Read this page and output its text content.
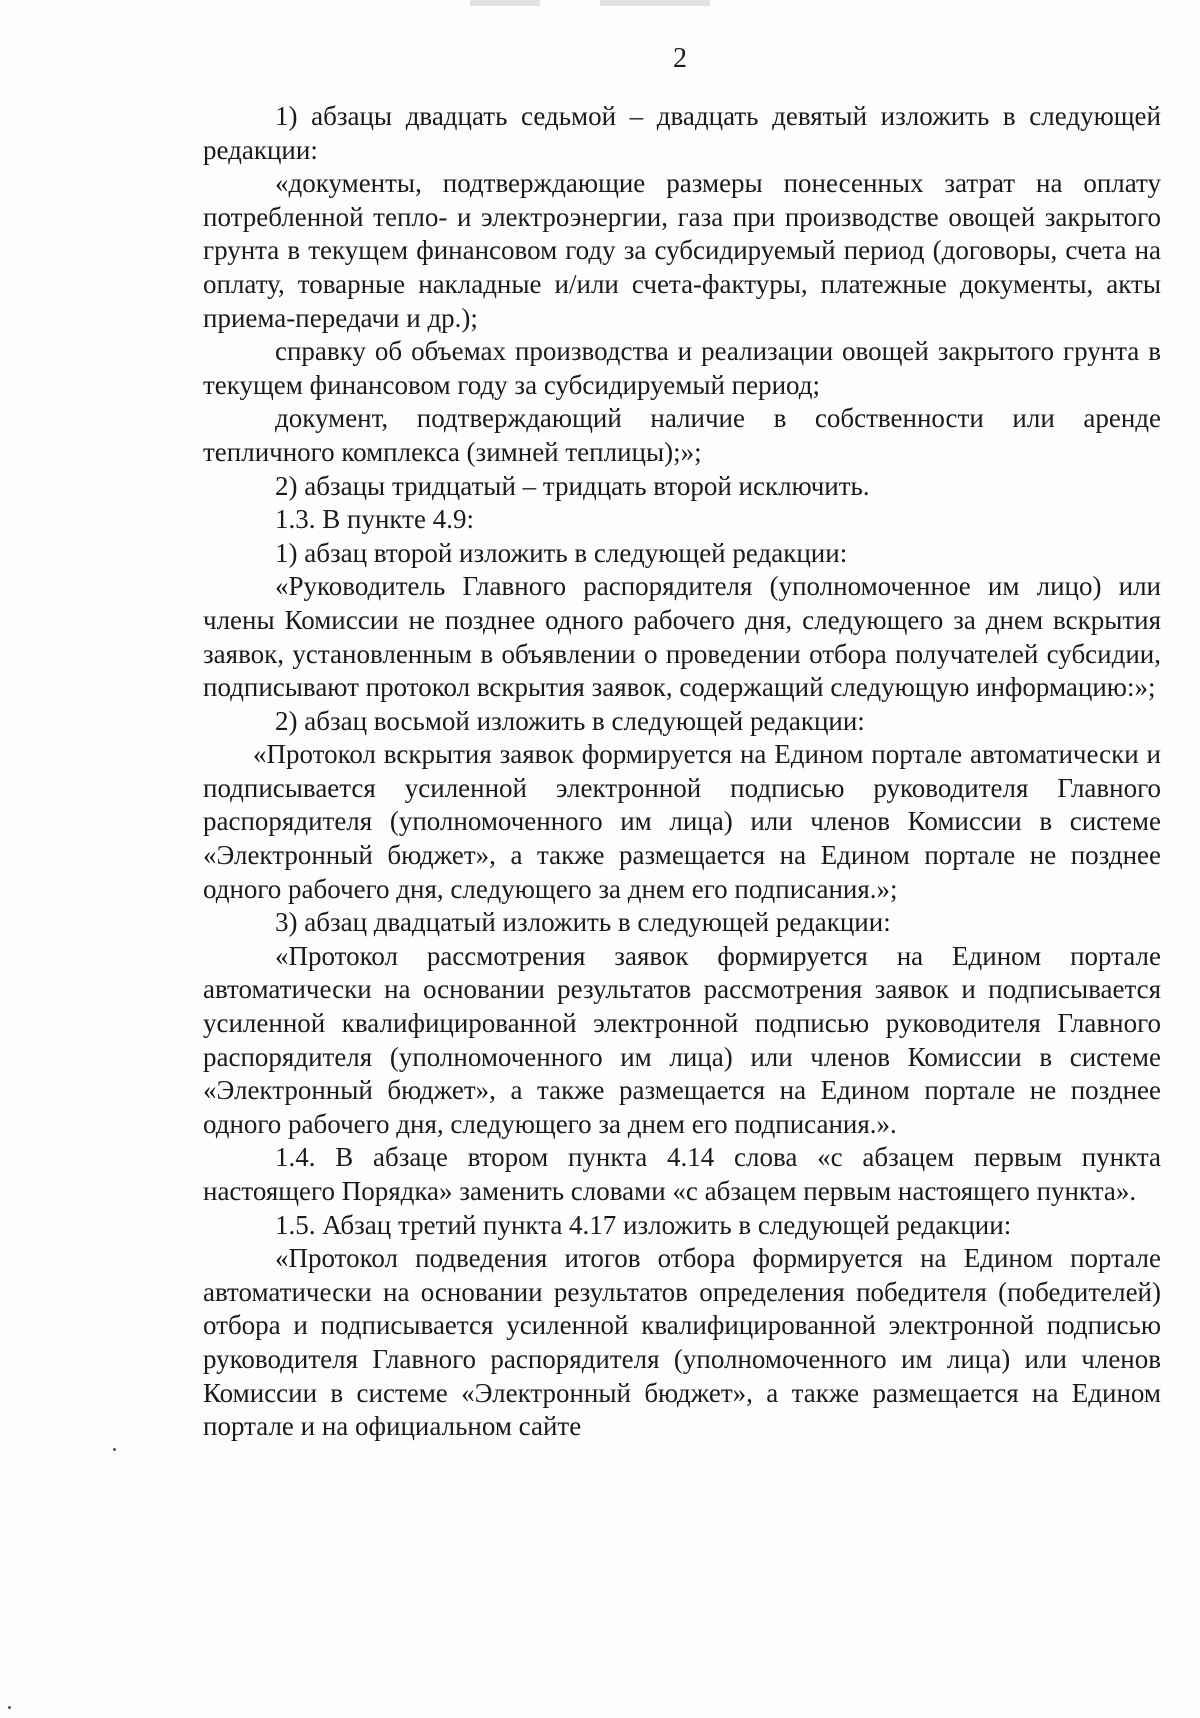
2

1) абзацы двадцать седьмой – двадцать девятый изложить в следующей редакции:

«документы, подтверждающие размеры понесенных затрат на оплату потребленной тепло- и электроэнергии, газа при производстве овощей закрытого грунта в текущем финансовом году за субсидируемый период (договоры, счета на оплату, товарные накладные и/или счета-фактуры, платежные документы, акты приема-передачи и др.);

справку об объемах производства и реализации овощей закрытого грунта в текущем финансовом году за субсидируемый период;

документ, подтверждающий наличие в собственности или аренде тепличного комплекса (зимней теплицы);»;

2) абзацы тридцатый – тридцать второй исключить.

1.3. В пункте 4.9:

1) абзац второй изложить в следующей редакции:

«Руководитель Главного распорядителя (уполномоченное им лицо) или члены Комиссии не позднее одного рабочего дня, следующего за днем вскрытия заявок, установленным в объявлении о проведении отбора получателей субсидии, подписывают протокол вскрытия заявок, содержащий следующую информацию:»;

2) абзац восьмой изложить в следующей редакции:

«Протокол вскрытия заявок формируется на Едином портале автоматически и подписывается усиленной электронной подписью руководителя Главного распорядителя (уполномоченного им лица) или членов Комиссии в системе «Электронный бюджет», а также размещается на Едином портале не позднее одного рабочего дня, следующего за днем его подписания.»;

3) абзац двадцатый изложить в следующей редакции:

«Протокол рассмотрения заявок формируется на Едином портале автоматически на основании результатов рассмотрения заявок и подписывается усиленной квалифицированной электронной подписью руководителя Главного распорядителя (уполномоченного им лица) или членов Комиссии в системе «Электронный бюджет», а также размещается на Едином портале не позднее одного рабочего дня, следующего за днем его подписания.».

1.4. В абзаце втором пункта 4.14 слова «с абзацем первым пункта настоящего Порядка» заменить словами «с абзацем первым настоящего пункта».

1.5. Абзац третий пункта 4.17 изложить в следующей редакции:

«Протокол подведения итогов отбора формируется на Едином портале автоматически на основании результатов определения победителя (победителей) отбора и подписывается усиленной квалифицированной электронной подписью руководителя Главного распорядителя (уполномоченного им лица) или членов Комиссии в системе «Электронный бюджет», а также размещается на Едином портале и на официальном сайте
